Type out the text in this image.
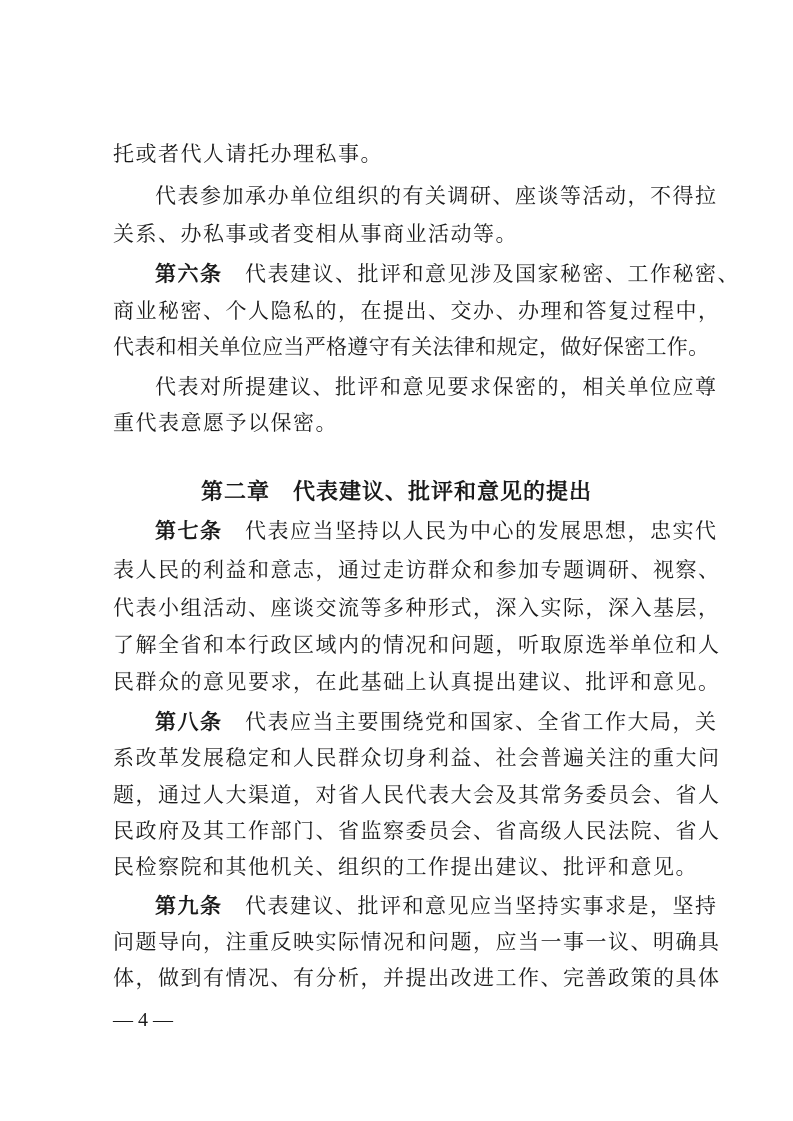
托或者代人请托办理私事。
代表参加承办单位组织的有关调研、座谈等活动，不得拉
关系、办私事或者变相从事商业活动等。
第六条　代表建议、批评和意见涉及国家秘密、工作秘密、
商业秘密、个人隐私的，在提出、交办、办理和答复过程中，
代表和相关单位应当严格遵守有关法律和规定，做好保密工作。
代表对所提建议、批评和意见要求保密的，相关单位应尊
重代表意愿予以保密。
第二章　代表建议、批评和意见的提出
第七条　代表应当坚持以人民为中心的发展思想，忠实代
表人民的利益和意志，通过走访群众和参加专题调研、视察、
代表小组活动、座谈交流等多种形式，深入实际，深入基层，
了解全省和本行政区域内的情况和问题，听取原选举单位和人
民群众的意见要求，在此基础上认真提出建议、批评和意见。
第八条　代表应当主要围绕党和国家、全省工作大局，关
系改革发展稳定和人民群众切身利益、社会普遍关注的重大问
题，通过人大渠道，对省人民代表大会及其常务委员会、省人
民政府及其工作部门、省监察委员会、省高级人民法院、省人
民检察院和其他机关、组织的工作提出建议、批评和意见。
第九条　代表建议、批评和意见应当坚持实事求是，坚持
问题导向，注重反映实际情况和问题，应当一事一议、明确具
体，做到有情况、有分析，并提出改进工作、完善政策的具体
— 4 —
